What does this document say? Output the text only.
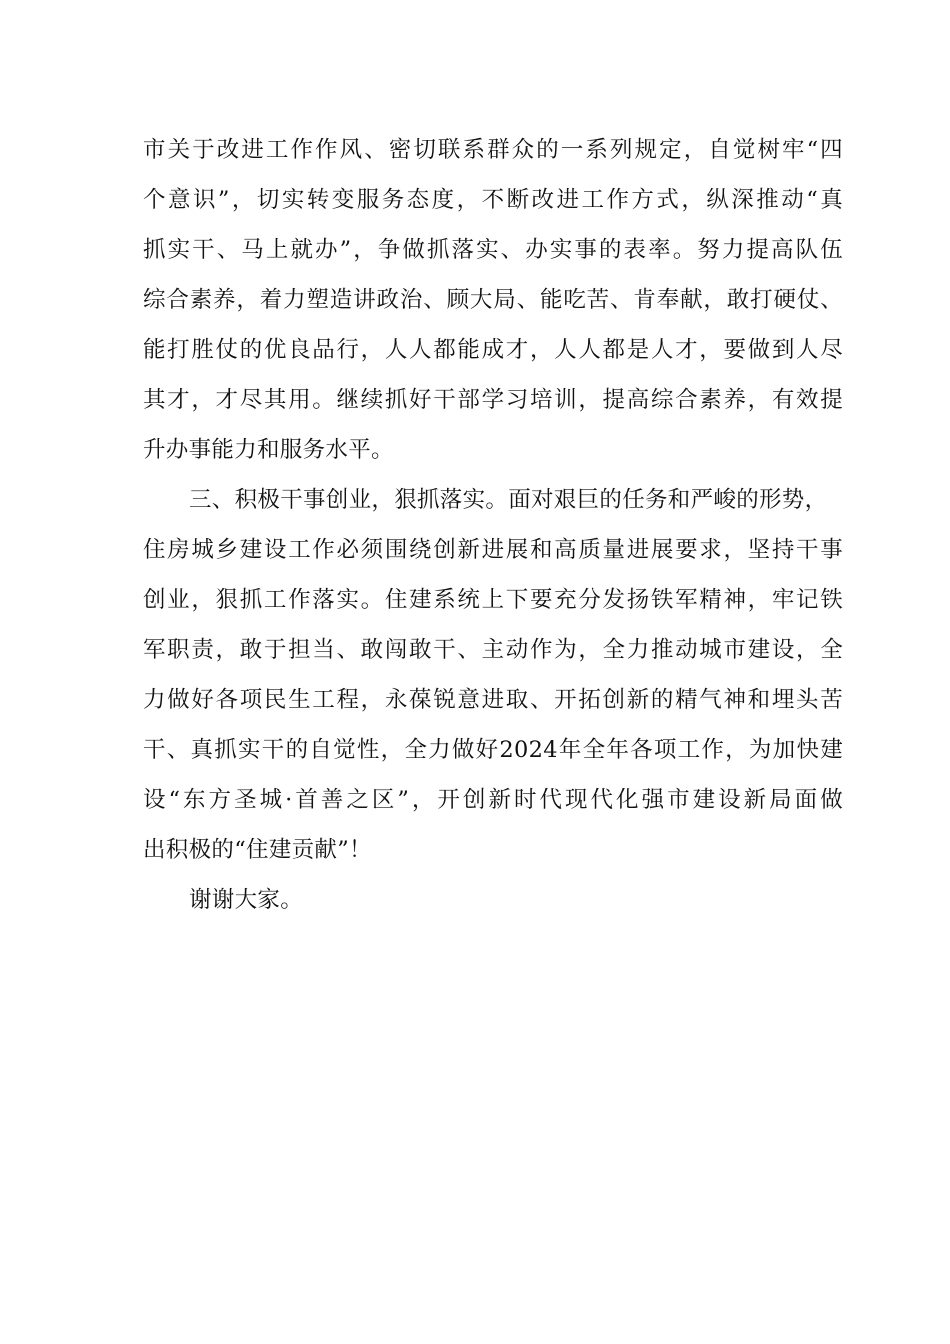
市关于改进工作作风、密切联系群众的一系列规定，自觉树牢“四
个意识”，切实转变服务态度，不断改进工作方式，纵深推动“真
抓实干、马上就办”，争做抓落实、办实事的表率。努力提高队伍
综合素养，着力塑造讲政治、顾大局、能吃苦、肯奉献，敢打硬仗、
能打胜仗的优良品行，人人都能成才，人人都是人才，要做到人尽
其才，才尽其用。继续抓好干部学习培训，提高综合素养，有效提
升办事能力和服务水平。
三、积极干事创业，狠抓落实。面对艰巨的任务和严峻的形势，
住房城乡建设工作必须围绕创新进展和高质量进展要求，坚持干事
创业，狠抓工作落实。住建系统上下要充分发扬铁军精神，牢记铁
军职责，敢于担当、敢闯敢干、主动作为，全力推动城市建设，全
力做好各项民生工程，永葆锐意进取、开拓创新的精气神和埋头苦
干、真抓实干的自觉性，全力做好2024年全年各项工作，为加快建
设“东方圣城·首善之区”，开创新时代现代化强市建设新局面做
出积极的“住建贡献”！
谢谢大家。
